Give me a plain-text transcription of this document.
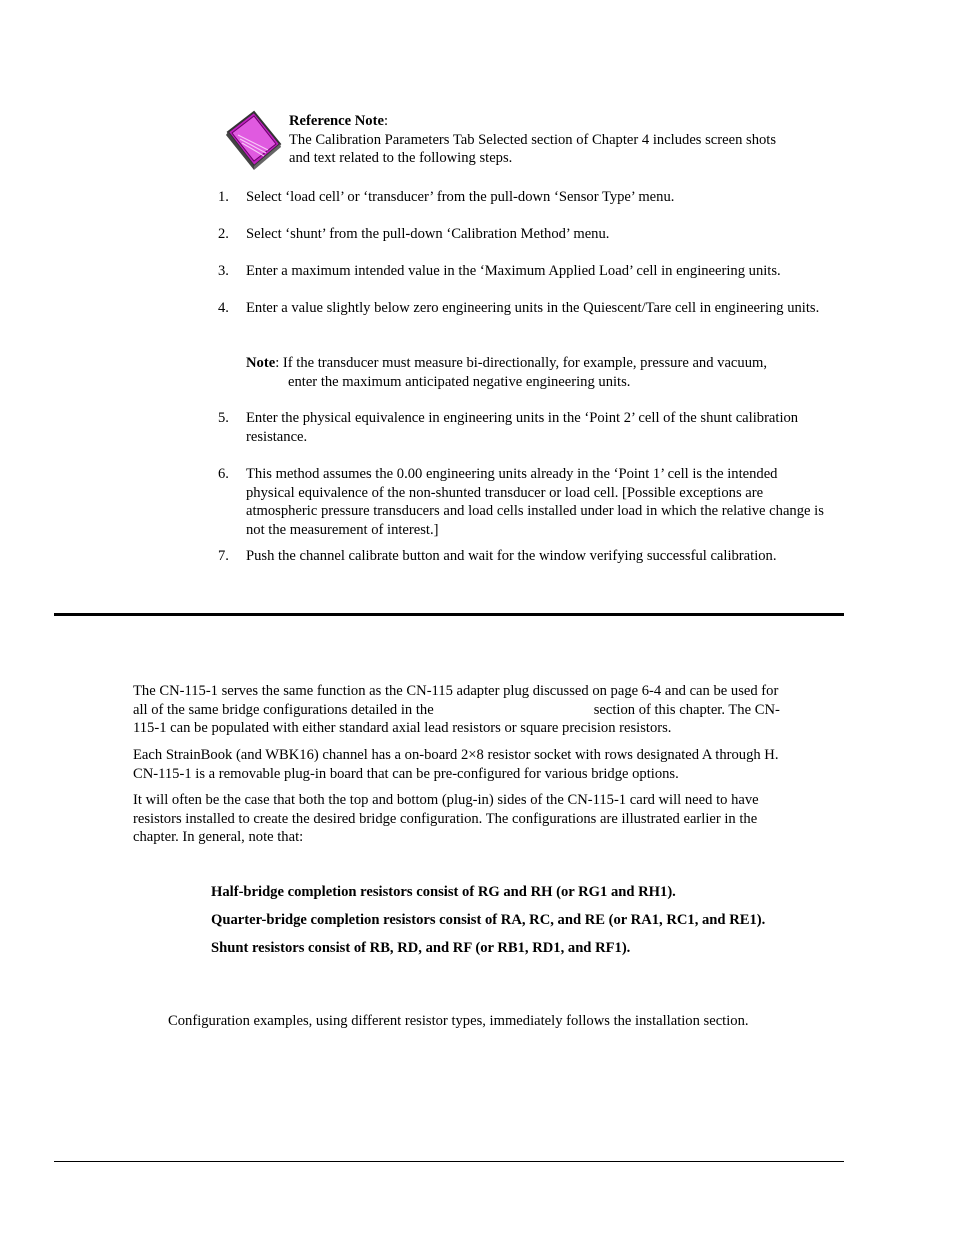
Reference Note:
The Calibration Parameters Tab Selected section of Chapter 4 includes screen shots
and text related to the following steps.
1.	Select ‘load cell’ or ‘transducer’ from the pull-down ‘Sensor Type’ menu.
2.	Select ‘shunt’ from the pull-down ‘Calibration Method’ menu.
3.	Enter a maximum intended value in the ‘Maximum Applied Load’ cell in engineering units.
4.	Enter a value slightly below zero engineering units in the Quiescent/Tare cell in engineering units.
5.	Enter the physical equivalence in engineering units in the ‘Point 2’ cell of the shunt calibration resistance.
6.	This method assumes the 0.00 engineering units already in the ‘Point 1’ cell is the intended physical equivalence of the non-shunted transducer or load cell. [Possible exceptions are atmospheric pressure transducers and load cells installed under load in which the relative change is not the measurement of interest.]
7.	Push the channel calibrate button and wait for the window verifying successful calibration.
Note: If the transducer must measure bi-directionally, for example, pressure and vacuum,
enter the maximum anticipated negative engineering units.
The CN-115-1 serves the same function as the CN-115 adapter plug discussed on page 6-4 and can be used for
all of the same bridge configurations detailed in the	section of this chapter. The CN-
115-1 can be populated with either standard axial lead resistors or square precision resistors.
Each StrainBook (and WBK16) channel has a on-board 2×8 resistor socket with rows designated A through H.
CN-115-1 is a removable plug-in board that can be pre-configured for various bridge options.
It will often be the case that both the top and bottom (plug-in) sides of the CN-115-1 card will need to have
resistors installed to create the desired bridge configuration. The configurations are illustrated earlier in the
chapter. In general, note that:
Half-bridge completion resistors consist of RG and RH (or RG1 and RH1).
Quarter-bridge completion resistors consist of RA, RC, and RE (or RA1, RC1, and RE1).
Shunt resistors consist of RB, RD, and RF (or RB1, RD1, and RF1).
Configuration examples, using different resistor types, immediately follows the installation section.
